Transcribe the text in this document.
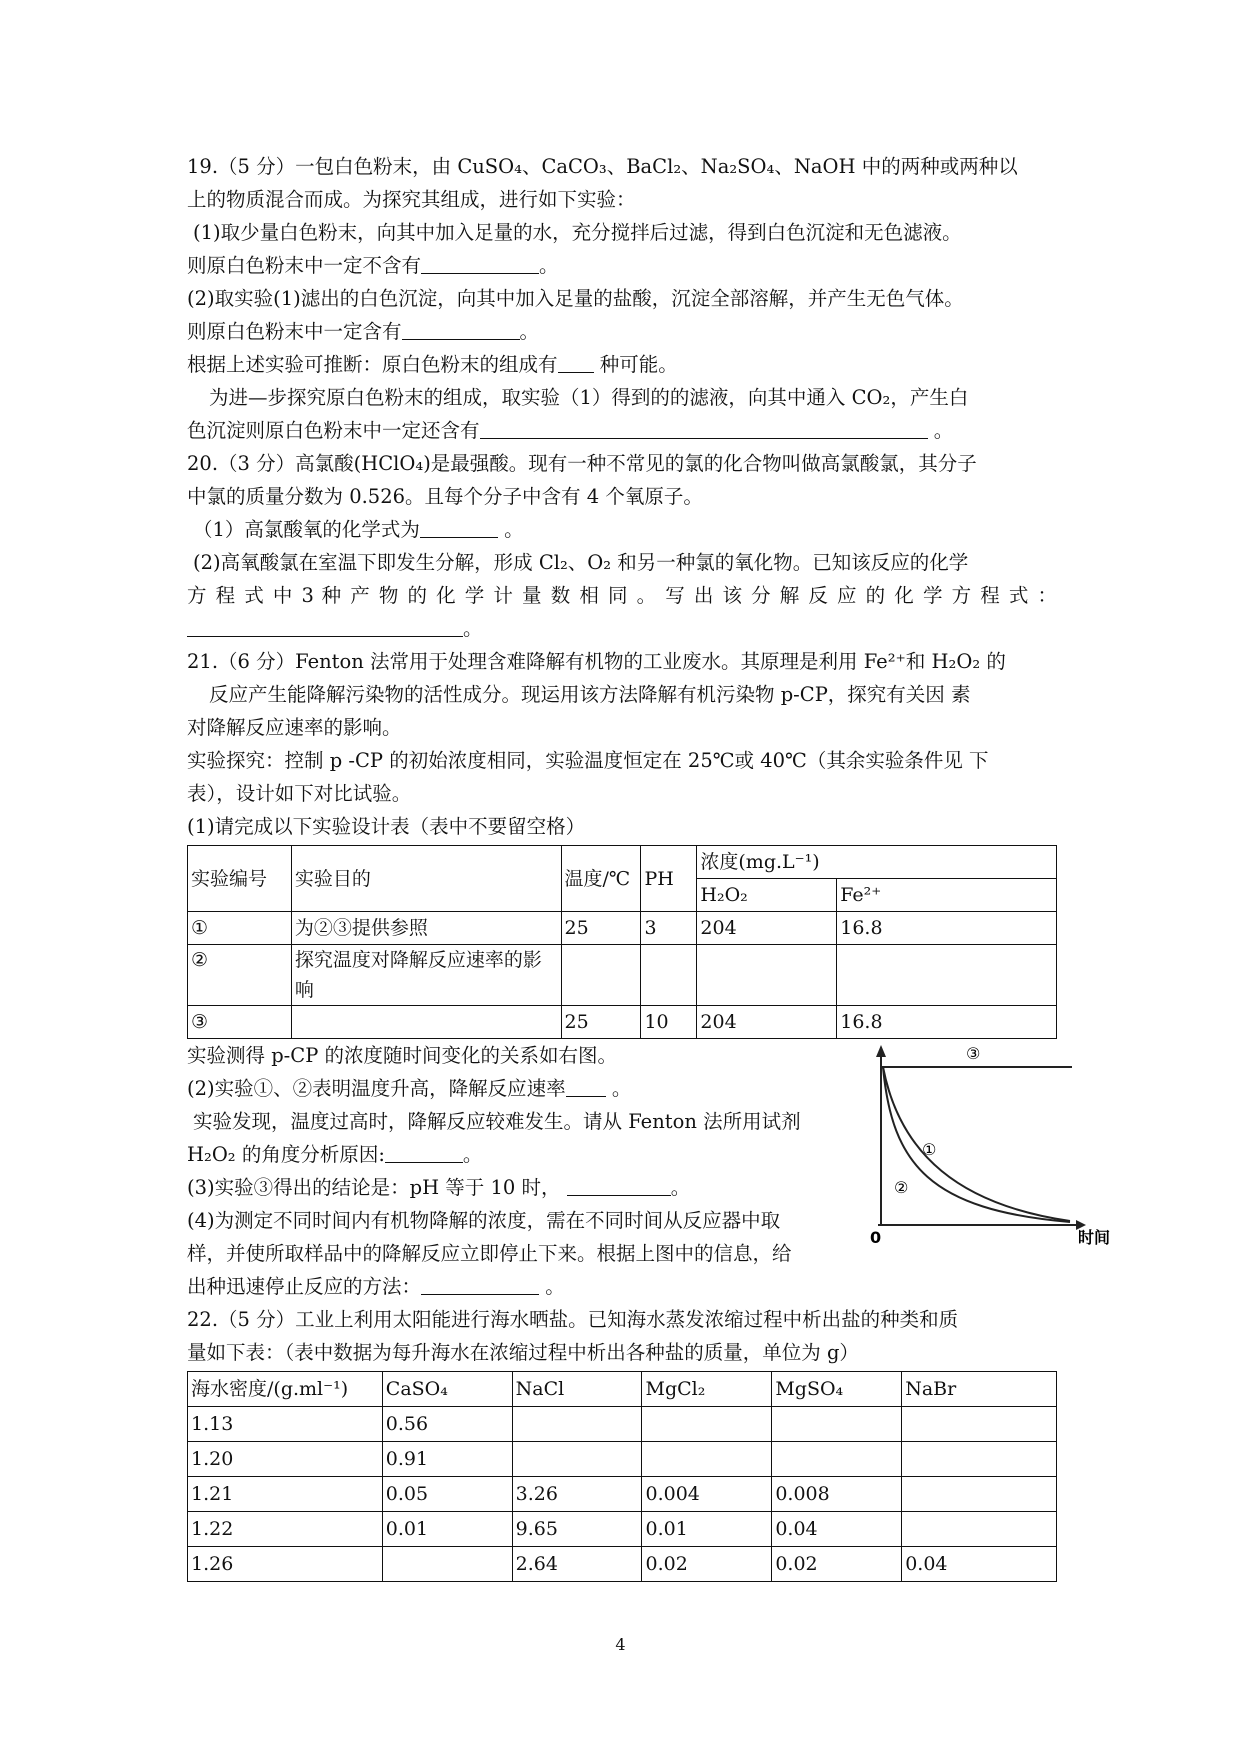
19.（5 分）一包白色粉末，由 CuSO₄、CaCO₃、BaCl₂、Na₂SO₄、NaOH 中的两种或两种以
上的物质混合而成。为探究其组成，进行如下实验：
(1)取少量白色粉末，向其中加入足量的水，充分搅拌后过滤，得到白色沉淀和无色滤液。
则原白色粉末中一定不含有	。
(2)取实验(1)滤出的白色沉淀，向其中加入足量的盐酸，沉淀全部溶解，并产生无色气体。
则原白色粉末中一定含有	。
根据上述实验可推断：原白色粉末的组成有 种可能。
为进—步探究原白色粉末的组成，取实验（1）得到的的滤液，向其中通入 CO₂，产生白
色沉淀则原白色粉末中一定还含有	。
20.（3 分）高氯酸(HClO₄)是最强酸。现有一种不常见的氯的化合物叫做高氯酸氯，其分子
中氯的质量分数为 0.526。且每个分子中含有 4 个氧原子。
（1）高氯酸氧的化学式为	。
(2)高氧酸氯在室温下即发生分解，形成 Cl₂、O₂ 和另一种氯的氧化物。已知该反应的化学
方 程 式 中 3 种 产 物 的 化 学 计 量 数 相 同 。 写 出 该 分 解 反 应 的 化 学 方 程 式 ：
。
21.（6 分）Fenton 法常用于处理含难降解有机物的工业废水。其原理是利用 Fe²⁺和 H₂O₂ 的
反应产生能降解污染物的活性成分。现运用该方法降解有机污染物 p-CP，探究有关因 素
对降解反应速率的影响。
实验探究：控制 p -CP 的初始浓度相同，实验温度恒定在 25℃或 40℃（其余实验条件见 下
表），设计如下对比试验。
(1)请完成以下实验设计表（表中不要留空格）
实验编号	实验目的	温度/℃	PH	浓度(mg.L⁻¹)	
				H₂O₂	Fe²⁺
①	为②③提供参照	25	3	204	16.8
②	探究温度对降解反应速率的影响				
③		25	10	204	16.8
实验测得 p-CP 的浓度随时间变化的关系如右图。
(2)实验①、②表明温度升高，降解反应速率 。
实验发现，温度过高时，降解反应较难发生。请从 Fenton 法所用试剂
H₂O₂ 的角度分析原因:	。
(3)实验③得出的结论是：pH 等于 10 时，	。
(4)为测定不同时间内有机物降解的浓度，需在不同时间从反应器中取
样，并使所取样品中的降解反应立即停止下来。根据上图中的信息，给
出种迅速停止反应的方法：	。
22.（5 分）工业上利用太阳能进行海水晒盐。已知海水蒸发浓缩过程中析出盐的种类和质
量如下表：（表中数据为每升海水在浓缩过程中析出各种盐的质量，单位为 g）
海水密度/(g.ml⁻¹)	CaSO₄	NaCl	MgCl₂	MgSO₄	NaBr
1.13	0.56				
1.20	0.91				
1.21	0.05	3.26	0.004	0.008	
1.22	0.01	9.65	0.01	0.04	
1.26		2.64	0.02	0.02	0.04
③
①
②
0	时间
4
